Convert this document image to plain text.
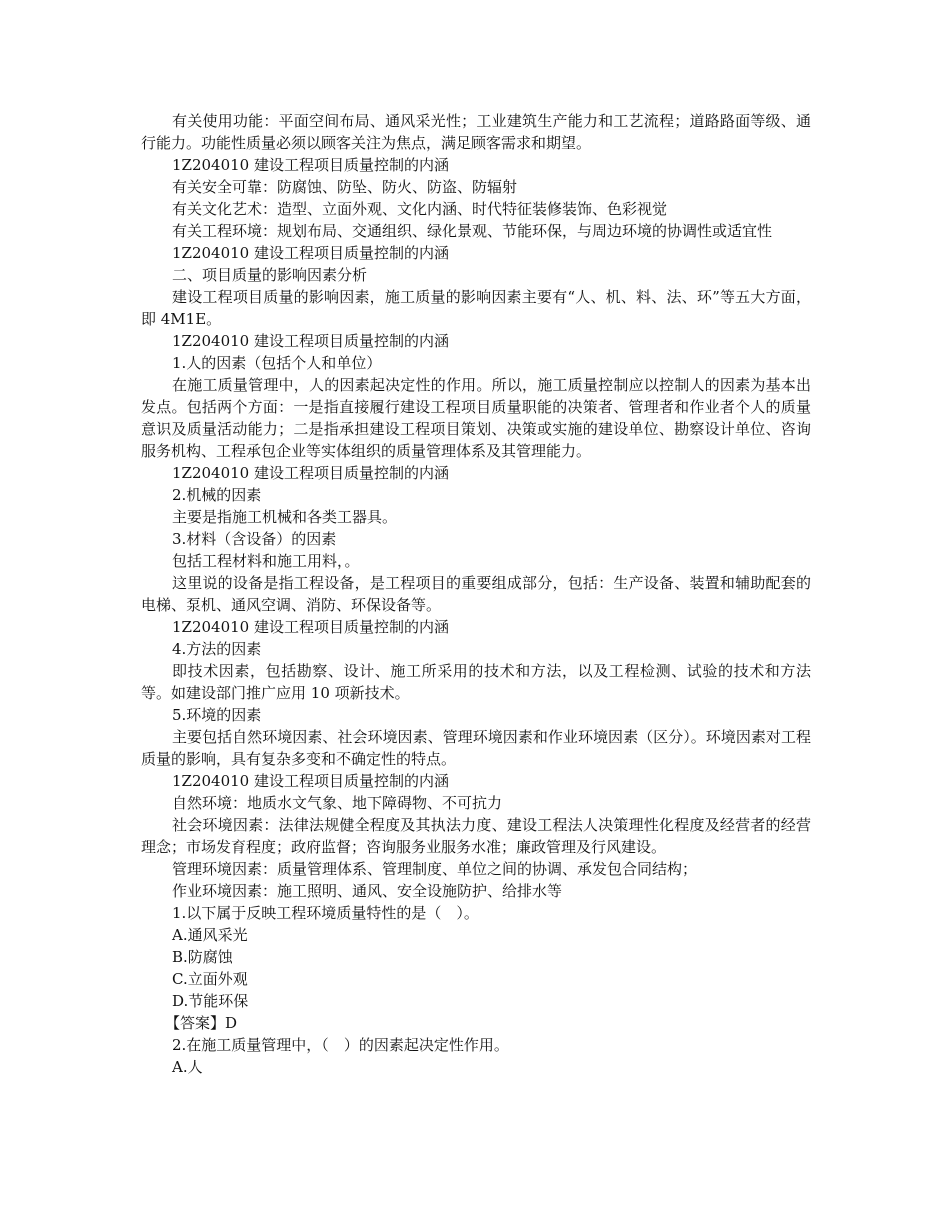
有关使用功能：平面空间布局、通风采光性；工业建筑生产能力和工艺流程；道路路面等级、通行能力。功能性质量必须以顾客关注为焦点，满足顾客需求和期望。

1Z204010 建设工程项目质量控制的内涵

有关安全可靠：防腐蚀、防坠、防火、防盗、防辐射

有关文化艺术：造型、立面外观、文化内涵、时代特征装修装饰、色彩视觉

有关工程环境：规划布局、交通组织、绿化景观、节能环保，与周边环境的协调性或适宜性

1Z204010 建设工程项目质量控制的内涵

二、项目质量的影响因素分析

建设工程项目质量的影响因素，施工质量的影响因素主要有“人、机、料、法、环”等五大方面，即 4M1E。

1Z204010 建设工程项目质量控制的内涵

1.人的因素（包括个人和单位）

在施工质量管理中，人的因素起决定性的作用。所以，施工质量控制应以控制人的因素为基本出发点。包括两个方面：一是指直接履行建设工程项目质量职能的决策者、管理者和作业者个人的质量意识及质量活动能力；二是指承担建设工程项目策划、决策或实施的建设单位、勘察设计单位、咨询服务机构、工程承包企业等实体组织的质量管理体系及其管理能力。

1Z204010 建设工程项目质量控制的内涵

2.机械的因素

主要是指施工机械和各类工器具。

3.材料（含设备）的因素

包括工程材料和施工用料，。

这里说的设备是指工程设备，是工程项目的重要组成部分，包括：生产设备、装置和辅助配套的电梯、泵机、通风空调、消防、环保设备等。

1Z204010 建设工程项目质量控制的内涵

4.方法的因素

即技术因素，包括勘察、设计、施工所采用的技术和方法，以及工程检测、试验的技术和方法等。如建设部门推广应用 10 项新技术。

5.环境的因素

主要包括自然环境因素、社会环境因素、管理环境因素和作业环境因素（区分）。环境因素对工程质量的影响，具有复杂多变和不确定性的特点。

1Z204010 建设工程项目质量控制的内涵

自然环境：地质水文气象、地下障碍物、不可抗力

社会环境因素：法律法规健全程度及其执法力度、建设工程法人决策理性化程度及经营者的经营理念；市场发育程度；政府监督；咨询服务业服务水准；廉政管理及行风建设。

管理环境因素：质量管理体系、管理制度、单位之间的协调、承发包合同结构；

作业环境因素：施工照明、通风、安全设施防护、给排水等

1.以下属于反映工程环境质量特性的是（　）。

A.通风采光

B.防腐蚀

C.立面外观

D.节能环保

【答案】D

2.在施工质量管理中，（　）的因素起决定性作用。

A.人
